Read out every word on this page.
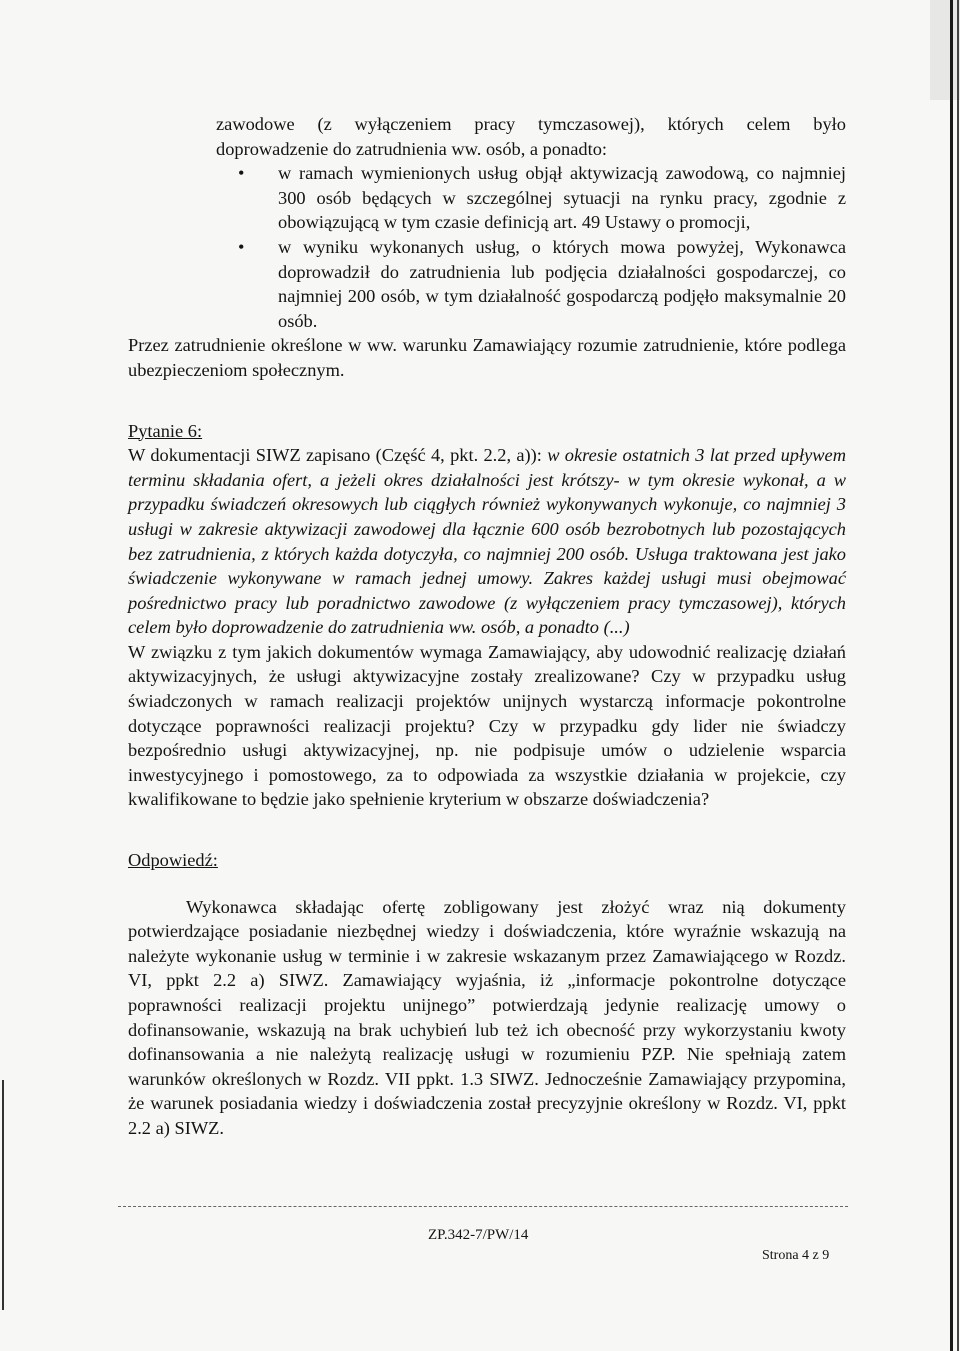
zawodowe (z wyłączeniem pracy tymczasowej), których celem było

doprowadzenie do zatrudnienia ww. osób, a ponadto:

• w ramach wymienionych usług objął aktywizacją zawodową, co najmniej 300 osób będących w szczególnej sytuacji na rynku pracy, zgodnie z obowiązującą w tym czasie definicją art. 49 Ustawy o promocji,
• w wyniku wykonanych usług, o których mowa powyżej, Wykonawca doprowadził do zatrudnienia lub podjęcia działalności gospodarczej, co najmniej 200 osób, w tym działalność gospodarczą podjęło maksymalnie 20 osób.

Przez zatrudnienie określone w ww. warunku Zamawiający rozumie zatrudnienie, które podlega ubezpieczeniom społecznym.

Pytanie 6:

W dokumentacji SIWZ zapisano (Część 4, pkt. 2.2, a)): w okresie ostatnich 3 lat przed upływem terminu składania ofert, a jeżeli okres działalności jest krótszy- w tym okresie wykonał, a w przypadku świadczeń okresowych lub ciągłych również wykonywanych wykonuje, co najmniej 3 usługi w zakresie aktywizacji zawodowej dla łącznie 600 osób bezrobotnych lub pozostających bez zatrudnienia, z których każda dotyczyła, co najmniej 200 osób. Usługa traktowana jest jako świadczenie wykonywane w ramach jednej umowy. Zakres każdej usługi musi obejmować pośrednictwo pracy lub poradnictwo zawodowe (z wyłączeniem pracy tymczasowej), których celem było doprowadzenie do zatrudnienia ww. osób, a ponadto (...)

W związku z tym jakich dokumentów wymaga Zamawiający, aby udowodnić realizację działań aktywizacyjnych, że usługi aktywizacyjne zostały zrealizowane? Czy w przypadku usług świadczonych w ramach realizacji projektów unijnych wystarczą informacje pokontrolne dotyczące poprawności realizacji projektu? Czy w przypadku gdy lider nie świadczy bezpośrednio usługi aktywizacyjnej, np. nie podpisuje umów o udzielenie wsparcia inwestycyjnego i pomostowego, za to odpowiada za wszystkie działania w projekcie, czy kwalifikowane to będzie jako spełnienie kryterium w obszarze doświadczenia?

Odpowiedź:

Wykonawca składając ofertę zobligowany jest złożyć wraz nią dokumenty potwierdzające posiadanie niezbędnej wiedzy i doświadczenia, które wyraźnie wskazują na należyte wykonanie usług w terminie i w zakresie wskazanym przez Zamawiającego w Rozdz. VI, ppkt 2.2 a) SIWZ. Zamawiający wyjaśnia, iż „informacje pokontrolne dotyczące poprawności realizacji projektu unijnego” potwierdzają jedynie realizację umowy o dofinansowanie, wskazują na brak uchybień lub też ich obecność przy wykorzystaniu kwoty dofinansowania a nie należytą realizację usługi w rozumieniu PZP. Nie spełniają zatem warunków określonych w Rozdz. VII ppkt. 1.3 SIWZ. Jednocześnie Zamawiający przypomina, że warunek posiadania wiedzy i doświadczenia został precyzyjnie określony w Rozdz. VI, ppkt 2.2 a) SIWZ.

ZP.342-7/PW/14
Strona 4 z 9
